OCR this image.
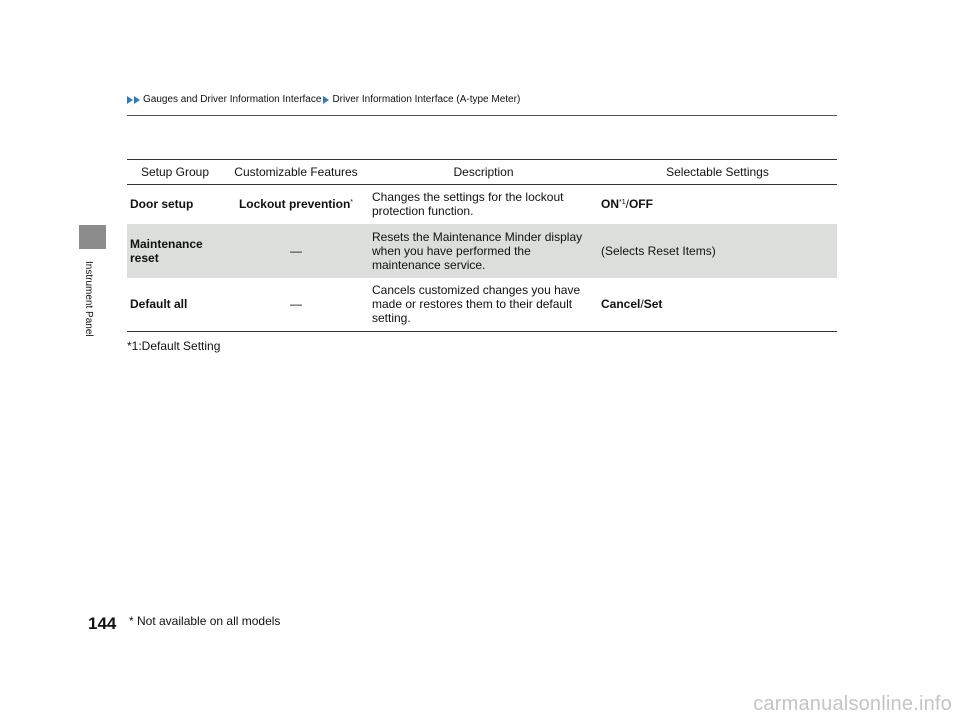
Instrument Panel
Gauges and Driver Information Interface Driver Information Interface (A-type Meter)
Setup Group	Customizable Features	Description	Selectable Settings
Door setup	Lockout prevention*	Changes the settings for the lockout protection function.	ON$^{*1}$/OFF
Maintenance reset	—	Resets the Maintenance Minder display when you have performed the maintenance service.	(Selects Reset Items)
Default all	—	Cancels customized changes you have made or restores them to their default setting.	Cancel/Set
*1:Default Setting
144 * Not available on all models
carmanualsonline.info
